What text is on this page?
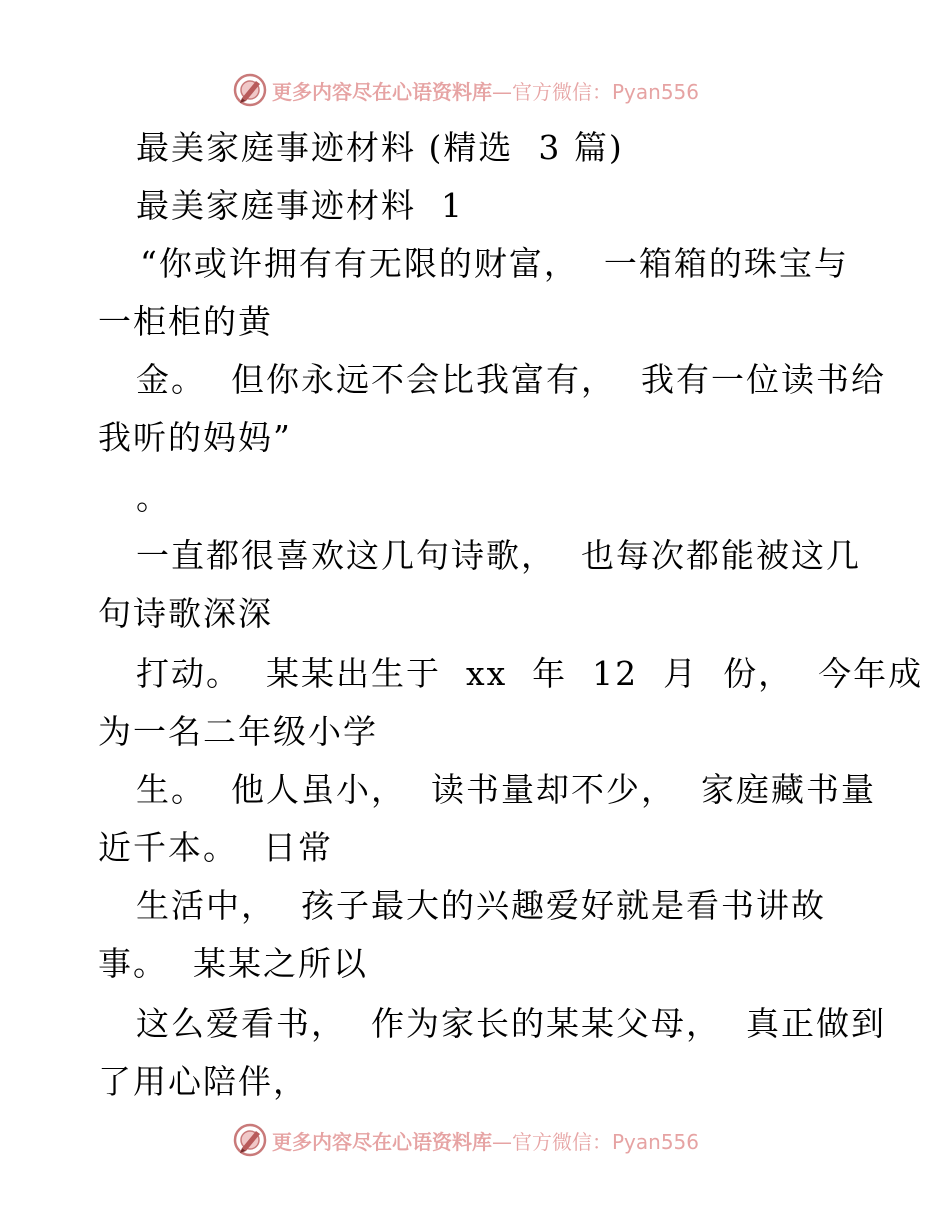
更多内容尽在心语资料库 —官方微信：Pyan556
最美家庭事迹材料 (精选  3 篇)
最美家庭事迹材料  1
“你或许拥有有无限的财富，  一箱箱的珠宝与
一柜柜的黄
金。  但你永远不会比我富有，  我有一位读书给
我听的妈妈”
。
一直都很喜欢这几句诗歌，  也每次都能被这几
句诗歌深深
打动。  某某出生于  xx  年  12  月  份，  今年成
为一名二年级小学
生。  他人虽小，  读书量却不少，  家庭藏书量
近千本。  日常
生活中，  孩子最大的兴趣爱好就是看书讲故
事。  某某之所以
这么爱看书，  作为家长的某某父母，  真正做到
了用心陪伴，
更多内容尽在心语资料库 —官方微信：Pyan556
